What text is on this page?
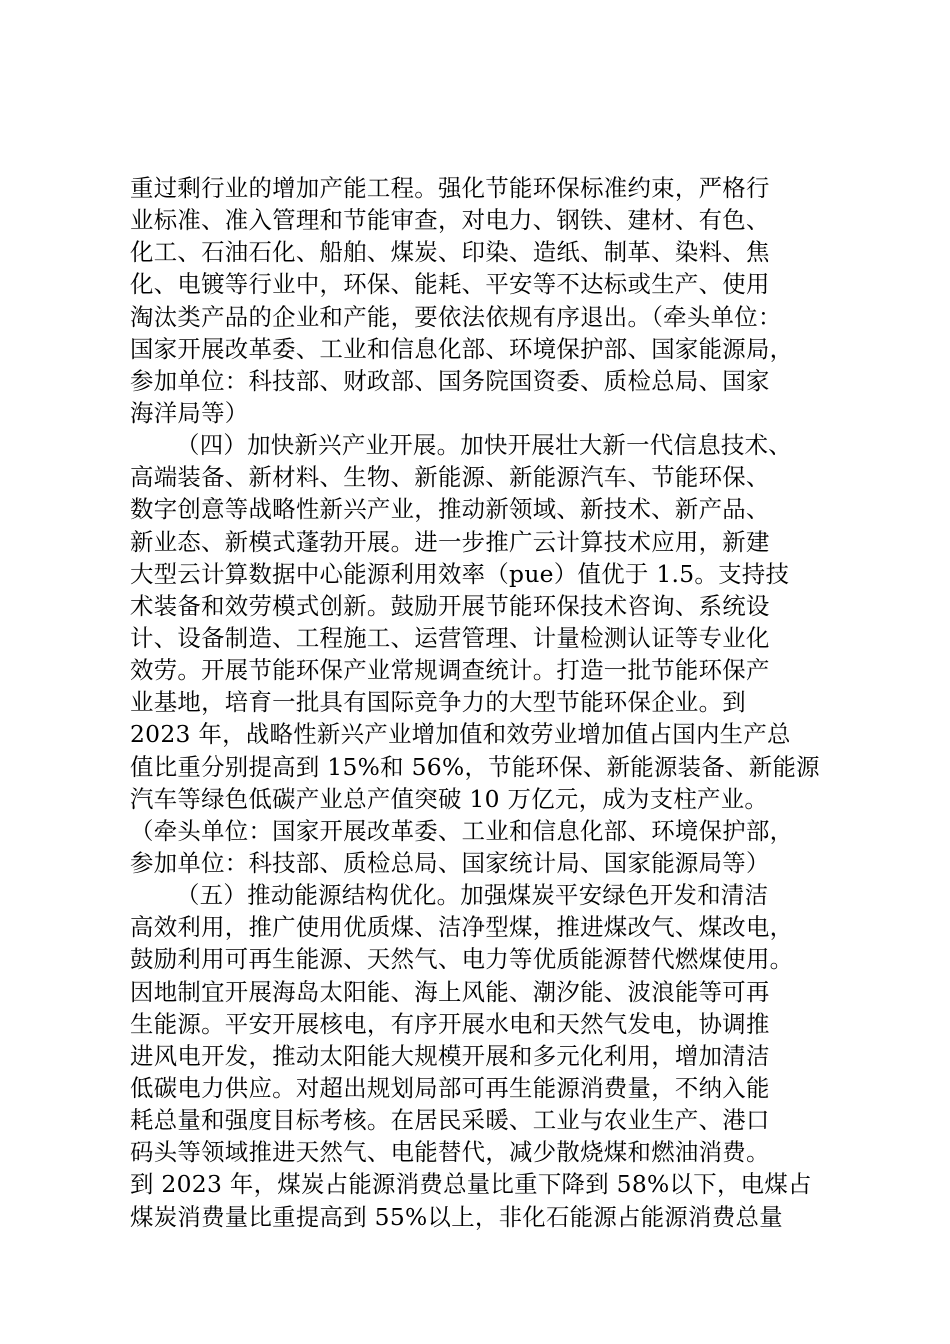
重过剩行业的增加产能工程。强化节能环保标准约束，严格行
业标准、准入管理和节能审查，对电力、钢铁、建材、有色、
化工、石油石化、船舶、煤炭、印染、造纸、制革、染料、焦
化、电镀等行业中，环保、能耗、平安等不达标或生产、使用
淘汰类产品的企业和产能，要依法依规有序退出。（牵头单位：
国家开展改革委、工业和信息化部、环境保护部、国家能源局，
参加单位：科技部、财政部、国务院国资委、质检总局、国家
海洋局等）
（四）加快新兴产业开展。加快开展壮大新一代信息技术、
高端装备、新材料、生物、新能源、新能源汽车、节能环保、
数字创意等战略性新兴产业，推动新领域、新技术、新产品、
新业态、新模式蓬勃开展。进一步推广云计算技术应用，新建
大型云计算数据中心能源利用效率（pue）值优于 1.5。支持技
术装备和效劳模式创新。鼓励开展节能环保技术咨询、系统设
计、设备制造、工程施工、运营管理、计量检测认证等专业化
效劳。开展节能环保产业常规调查统计。打造一批节能环保产
业基地，培育一批具有国际竞争力的大型节能环保企业。到
2023 年，战略性新兴产业增加值和效劳业增加值占国内生产总
值比重分别提高到 15%和 56%，节能环保、新能源装备、新能源
汽车等绿色低碳产业总产值突破 10 万亿元，成为支柱产业。
（牵头单位：国家开展改革委、工业和信息化部、环境保护部，
参加单位：科技部、质检总局、国家统计局、国家能源局等）
（五）推动能源结构优化。加强煤炭平安绿色开发和清洁
高效利用，推广使用优质煤、洁净型煤，推进煤改气、煤改电，
鼓励利用可再生能源、天然气、电力等优质能源替代燃煤使用。
因地制宜开展海岛太阳能、海上风能、潮汐能、波浪能等可再
生能源。平安开展核电，有序开展水电和天然气发电，协调推
进风电开发，推动太阳能大规模开展和多元化利用，增加清洁
低碳电力供应。对超出规划局部可再生能源消费量，不纳入能
耗总量和强度目标考核。在居民采暖、工业与农业生产、港口
码头等领域推进天然气、电能替代，减少散烧煤和燃油消费。
到 2023 年，煤炭占能源消费总量比重下降到 58%以下，电煤占
煤炭消费量比重提高到 55%以上，非化石能源占能源消费总量
